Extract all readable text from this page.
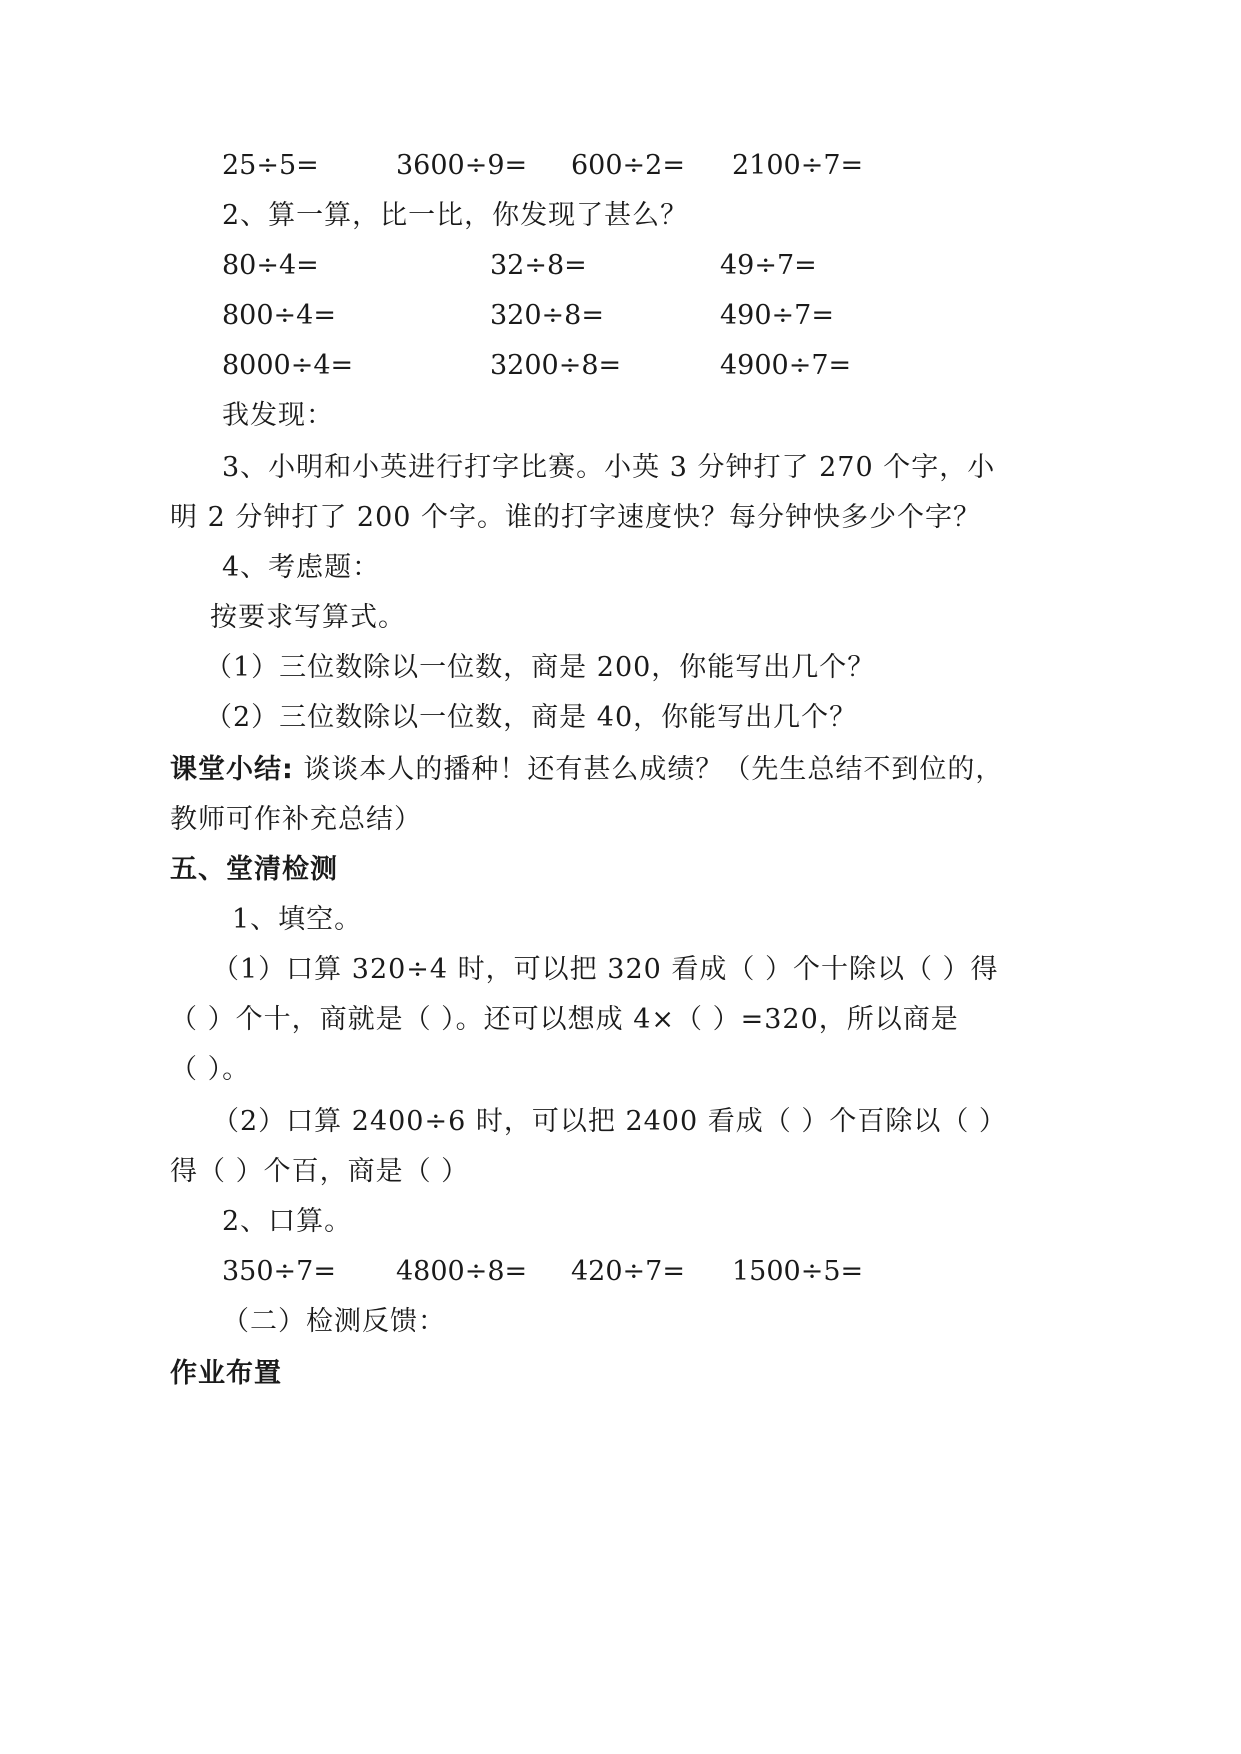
25÷5=	3600÷9= 600÷2= 2100÷7=
2、算一算，比一比，你发现了甚么？
80÷4=	32÷8=	49÷7=
800÷4=	320÷8=	490÷7=
8000÷4=	3200÷8=	4900÷7=
我发现：
3、小明和小英进行打字比赛。小英 3 分钟打了 270 个字，小
明 2 分钟打了 200 个字。谁的打字速度快？每分钟快多少个字？
4、考虑题：
按要求写算式。
（1）三位数除以一位数，商是 200，你能写出几个？
（2）三位数除以一位数，商是 40，你能写出几个？
课堂小结: 谈谈本人的播种！还有甚么成绩？（先生总结不到位的，
教师可作补充总结）
五、堂清检测
1、填空。
（1）口算 320÷4 时，可以把 320 看成（ ）个十除以（ ）得
（ ）个十，商就是（ ）。还可以想成 4×（ ）=320，所以商是
（ ）。
（2）口算 2400÷6 时，可以把 2400 看成（ ）个百除以（ ）
得（ ）个百，商是（ ）
2、口算。
350÷7= 4800÷8= 420÷7= 1500÷5=
（二）检测反馈：
作业布置
